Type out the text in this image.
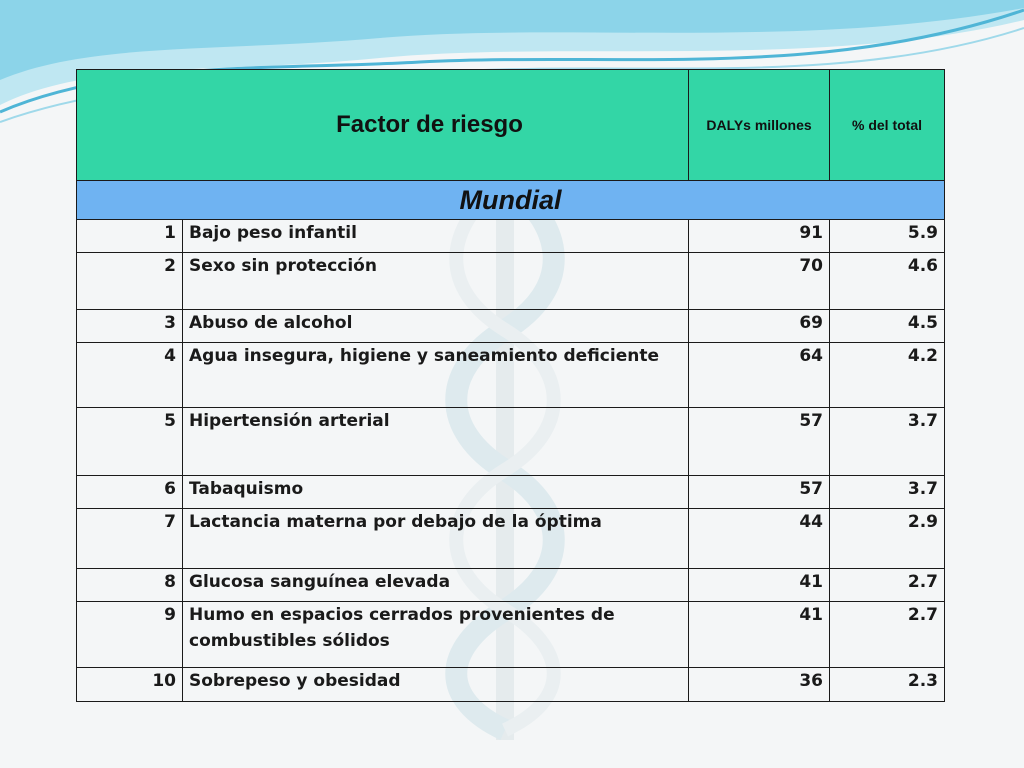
Factor de riesgo		DALYs millones	% del total
Mundial			
1	Bajo peso infantil	91	5.9
2	Sexo sin protección	70	4.6
3	Abuso de alcohol	69	4.5
4	Agua insegura, higiene y saneamiento deficiente	64	4.2
5	Hipertensión arterial	57	3.7
6	Tabaquismo	57	3.7
7	Lactancia materna por debajo de la óptima	44	2.9
8	Glucosa sanguínea elevada	41	2.7
9	Humo en espacios cerrados provenientes de combustibles sólidos	41	2.7
10	Sobrepeso y obesidad	36	2.3
